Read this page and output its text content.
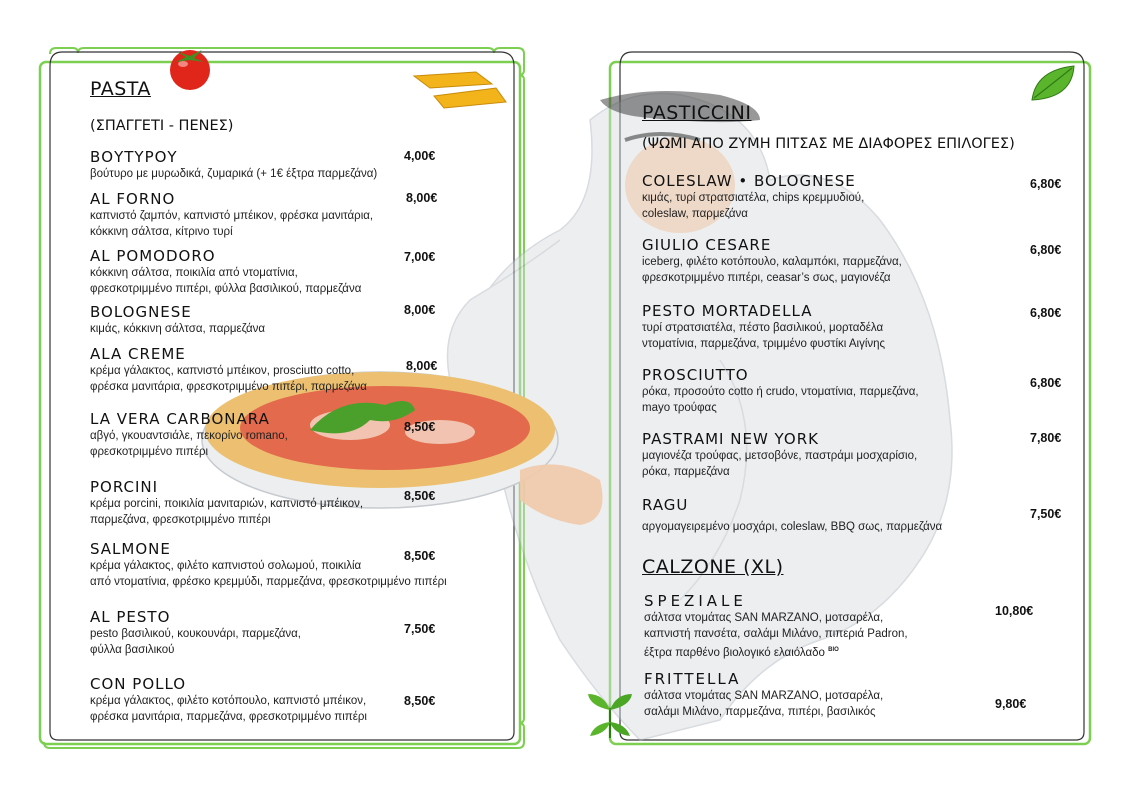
PASTA
(ΣΠΑΓΓΕΤΙ - ΠΕΝΕΣ)
ΒΟΥΤΥΡΟΥ
βούτυρο με μυρωδικά, ζυμαρικά (+ 1€ έξτρα παρμεζάνα)
4,00€
AL FORNO
καπνιστό ζαμπόν, καπνιστό μπέικον, φρέσκα μανιτάρια,
κόκκινη σάλτσα, κίτρινο τυρί
8,00€
AL POMODORO
κόκκινη σάλτσα, ποικιλία από ντοματίνια,
φρεσκοτριμμένο πιπέρι, φύλλα βασιλικού, παρμεζάνα
7,00€
BOLOGNESE
κιμάς, κόκκινη σάλτσα, παρμεζάνα
8,00€
ALA CREME
κρέμα γάλακτος, καπνιστό μπέικον, prosciutto cotto,
φρέσκα μανιτάρια, φρεσκοτριμμένο πιπέρι, παρμεζάνα
8,00€
LA VERA CARBONARA
αβγό, γκουαντσιάλε, πεκορίνο romano,
φρεσκοτριμμένο πιπέρι
8,50€
PORCINI
κρέμα porcini, ποικιλία μανιταριών, καπνιστό μπέικον,
παρμεζάνα, φρεσκοτριμμένο πιπέρι
8,50€
SALMONE
κρέμα γάλακτος, φιλέτο καπνιστού σολωμού, ποικιλία
από ντοματίνια, φρέσκο κρεμμύδι, παρμεζάνα, φρεσκοτριμμένο πιπέρι
8,50€
AL PESTO
pesto βασιλικού, κουκουνάρι, παρμεζάνα,
φύλλα βασιλικού
7,50€
CON POLLO
κρέμα γάλακτος, φιλέτο κοτόπουλο, καπνιστό μπέικον,
φρέσκα μανιτάρια, παρμεζάνα, φρεσκοτριμμένο πιπέρι
8,50€
PASTICCINI
(ΨΩΜΙ ΑΠΟ ΖΥΜΗ ΠΙΤΣΑΣ ΜΕ ΔΙΑΦΟΡΕΣ ΕΠΙΛΟΓΕΣ)
COLESLAW • BOLOGNESE
κιμάς, τυρί στρατσιατέλα, chips κρεμμυδιού,
coleslaw, παρμεζάνα
6,80€
GIULIO CESARE
iceberg, φιλέτο κοτόπουλο, καλαμπόκι, παρμεζάνα,
φρεσκοτριμμένο πιπέρι, ceasar’s σως, μαγιονέζα
6,80€
PESTO MORTADELLA
τυρί στρατσιατέλα, πέστο βασιλικού, μορταδέλα
ντοματίνια, παρμεζάνα, τριμμένο φυστίκι Αιγίνης
6,80€
PROSCIUTTO
ρόκα, προσούτο cotto ή crudo, ντοματίνια, παρμεζάνα,
mayo τρούφας
6,80€
PASTRAMI NEW YORK
μαγιονέζα τρούφας, μετσοβόνε, παστράμι μοσχαρίσιο,
ρόκα, παρμεζάνα
7,80€
RAGU
αργομαγειρεμένο μοσχάρι, coleslaw, BBQ σως, παρμεζάνα
7,50€
CALZONE (XL)
SPEZIALE
σάλτσα ντομάτας SAN MARZANO, μοτσαρέλα,
καπνιστή πανσέτα, σαλάμι Μιλάνο, πιπεριά Padron,
έξτρα παρθένο βιολογικό ελαιόλαδο $^{BIO}$
10,80€
FRITTELLA
σάλτσα ντομάτας SAN MARZANO, μοτσαρέλα,
σαλάμι Μιλάνο, παρμεζάνα, πιπέρι, βασιλικός
9,80€
